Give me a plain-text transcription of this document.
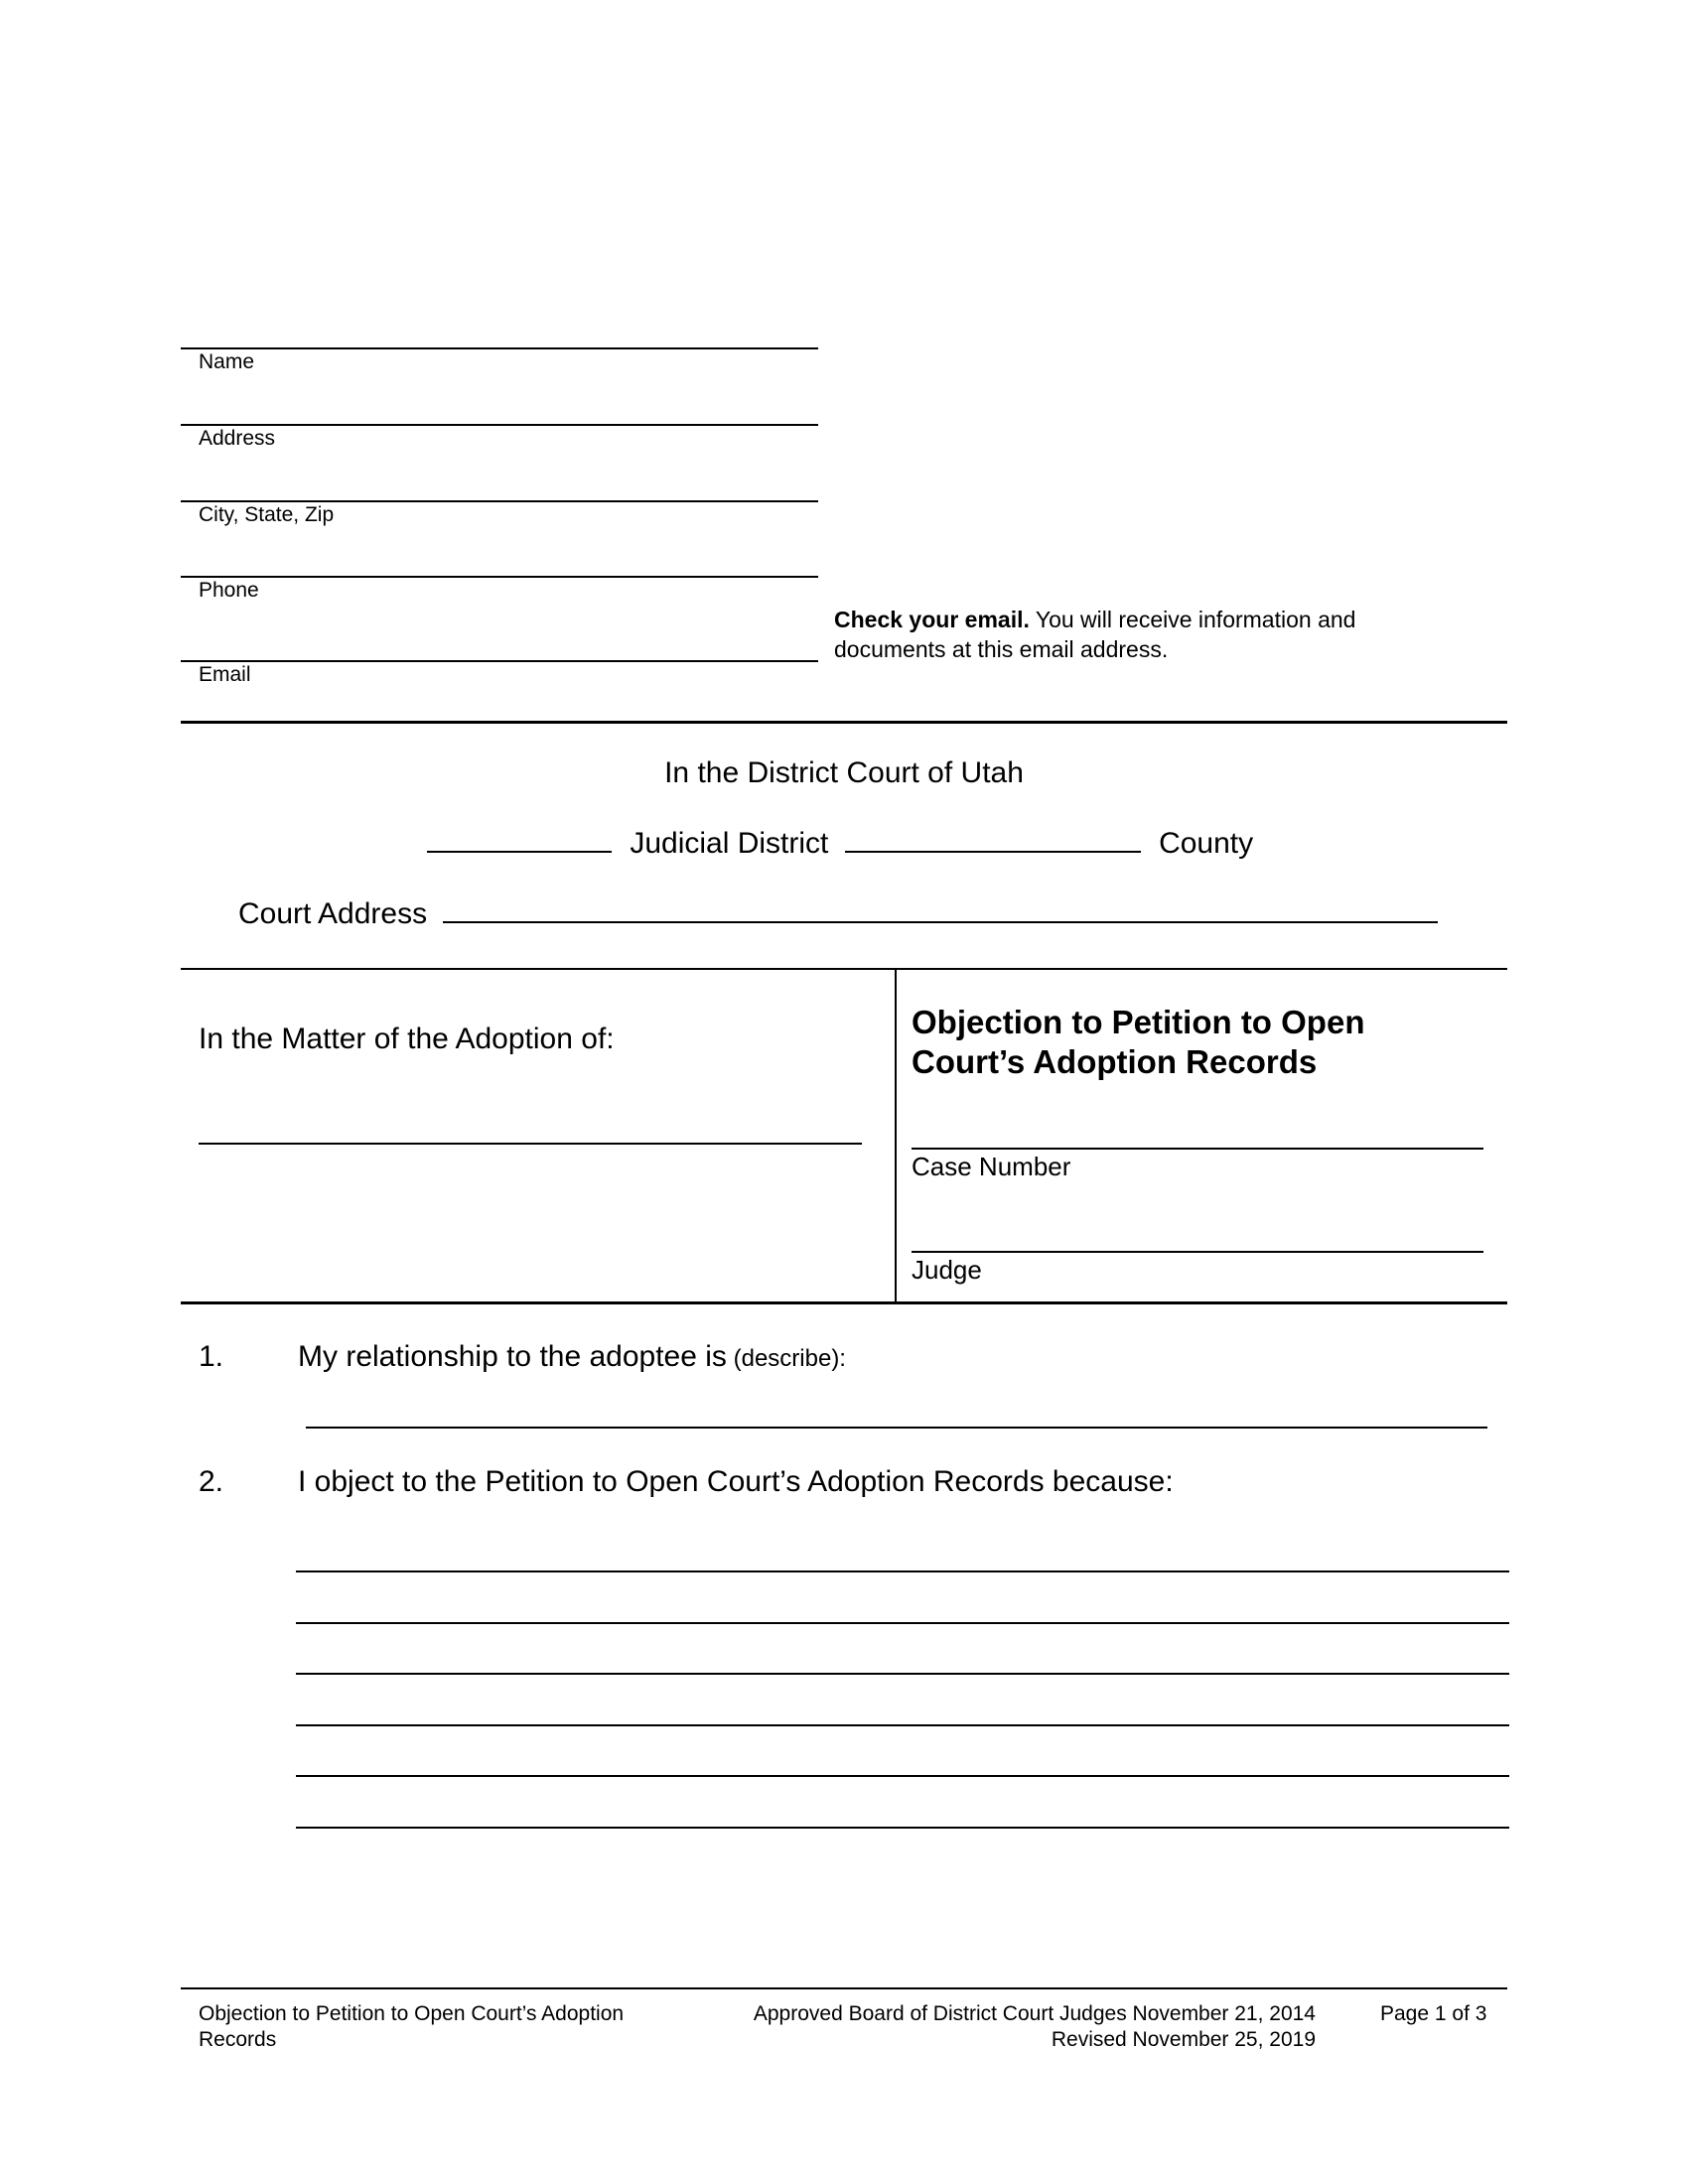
Name
Address
City, State, Zip
Phone
Email
Check your email. You will receive information and
documents at this email address.
In the District Court of Utah
Judicial District	County
Court Address
In the Matter of the Adoption of:	Objection to Petition to Open
Court’s Adoption Records
Case Number
Judge
1. My relationship to the adoptee is (describe):
2. I object to the Petition to Open Court’s Adoption Records because:
Objection to Petition to Open Court’s Adoption
Records
Approved Board of District Court Judges November 21, 2014
Revised November 25, 2019
Page 1 of 3
